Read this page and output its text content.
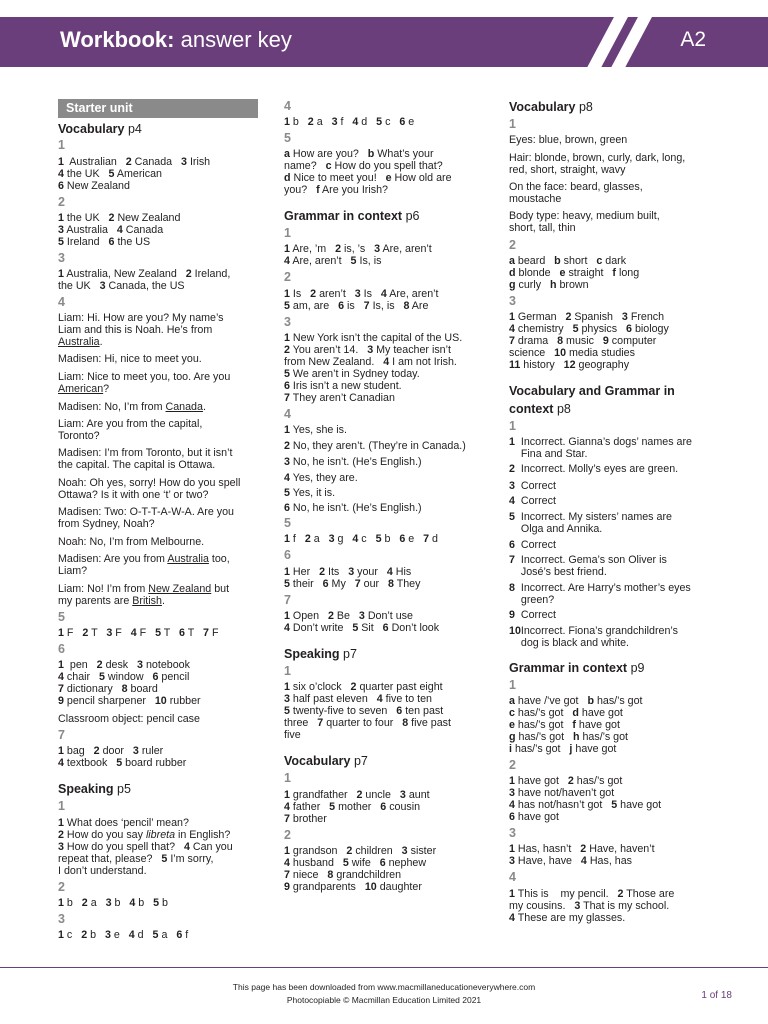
Workbook: answer key	A2
Starter unit
Vocabulary p4
1
1  Australian   2 Canada   3 Irish
4 the UK   5 American
6 New Zealand
2
1 the UK   2 New Zealand
3 Australia   4 Canada
5 Ireland   6 the US
3
1 Australia, New Zealand   2 Ireland,
the UK   3 Canada, the US
4
Liam: Hi. How are you? My name’s
Liam and this is Noah. He’s from
Australia.
Madisen: Hi, nice to meet you.
Liam: Nice to meet you, too. Are you
American?
Madisen: No, I’m from Canada.
Liam: Are you from the capital,
Toronto?
Madisen: I’m from Toronto, but it isn’t
the capital. The capital is Ottawa.
Noah: Oh yes, sorry! How do you spell
Ottawa? Is it with one ‘t’ or two?
Madisen: Two: O-T-T-A-W-A. Are you
from Sydney, Noah?
Noah: No, I’m from Melbourne.
Madisen: Are you from Australia too,
Liam?
Liam: No! I’m from New Zealand but
my parents are British.
5
1 F   2 T   3 F   4 F   5 T   6 T   7 F
6
1  pen   2 desk   3 notebook
4 chair   5 window   6 pencil
7 dictionary   8 board
9 pencil sharpener   10 rubber
Classroom object: pencil case
7
1 bag   2 door   3 ruler
4 textbook   5 board rubber
Speaking p5
1
1 What does ‘pencil’ mean?
2 How do you say libreta in English?
3 How do you spell that?   4 Can you
repeat that, please?   5 I’m sorry,
I don’t understand.
2
1 b   2 a   3 b   4 b   5 b
3
1 c   2 b   3 e   4 d   5 a   6 f
4
1 b   2 a   3 f   4 d   5 c   6 e
5
a How are you?   b What’s your
name?   c How do you spell that?
d Nice to meet you!   e How old are
you?   f Are you Irish?
Grammar in context p6
1
1 Are, ’m   2 is, ’s   3 Are, aren’t
4 Are, aren’t   5 Is, is
2
1 Is   2 aren’t   3 Is   4 Are, aren’t
5 am, are   6 is   7 Is, is   8 Are
3
1 New York isn’t the capital of the US.
2 You aren’t 14.   3 My teacher isn’t
from New Zealand.   4 I am not Irish.
5 We aren’t in Sydney today.
6 Iris isn’t a new student.
7 They aren’t Canadian
4
1 Yes, she is.
2 No, they aren’t. (They’re in Canada.)
3 No, he isn’t. (He’s English.)
4 Yes, they are.
5 Yes, it is.
6 No, he isn’t. (He’s English.)
5
1 f   2 a   3 g   4 c   5 b   6 e   7 d
6
1 Her   2 Its   3 your   4 His
5 their   6 My   7 our   8 They
7
1 Open   2 Be   3 Don’t use
4 Don’t write   5 Sit   6 Don’t look
Speaking p7
1
1 six o’clock   2 quarter past eight
3 half past eleven   4 five to ten
5 twenty-five to seven   6 ten past
three   7 quarter to four   8 five past
five
Vocabulary p7
1
1 grandfather   2 uncle   3 aunt
4 father   5 mother   6 cousin
7 brother
2
1 grandson   2 children   3 sister
4 husband   5 wife   6 nephew
7 niece   8 grandchildren
9 grandparents   10 daughter
Vocabulary p8
1
Eyes: blue, brown, green
Hair: blonde, brown, curly, dark, long,
red, short, straight, wavy
On the face: beard, glasses,
moustache
Body type: heavy, medium built,
short, tall, thin
2
a beard   b short   c dark
d blonde   e straight   f long
g curly   h brown
3
1 German   2 Spanish   3 French
4 chemistry   5 physics   6 biology
7 drama   8 music   9 computer
science   10 media studies
11 history   12 geography
Vocabulary and Grammar in
context p8
1
1  Incorrect. Gianna’s dogs’ names are
Fina and Star.
2  Incorrect. Molly’s eyes are green.
3  Correct
4  Correct
5  Incorrect. My sisters’ names are
Olga and Annika.
6  Correct
7  Incorrect. Gema’s son Oliver is
José’s best friend.
8  Incorrect. Are Harry’s mother’s eyes
green?
9  Correct
10Incorrect. Fiona’s grandchildren’s
dog is black and white.
Grammar in context p9
1
a have /’ve got   b has/’s got
c has/’s got   d have got
e has/’s got   f have got
g has/’s got   h has/’s got
i has/’s got   j have got
2
1 have got   2 has/’s got
3 have not/haven’t got
4 has not/hasn’t got   5 have got
6 have got
3
1 Has, hasn’t   2 Have, haven’t
3 Have, have   4 Has, has
4
1 This is    my pencil.   2 Those are
my cousins.   3 That is my school.
4 These are my glasses.
This page has been downloaded from www.macmillaneducationeverywhere.com
Photocopiable © Macmillan Education Limited 2021	1 of 18
